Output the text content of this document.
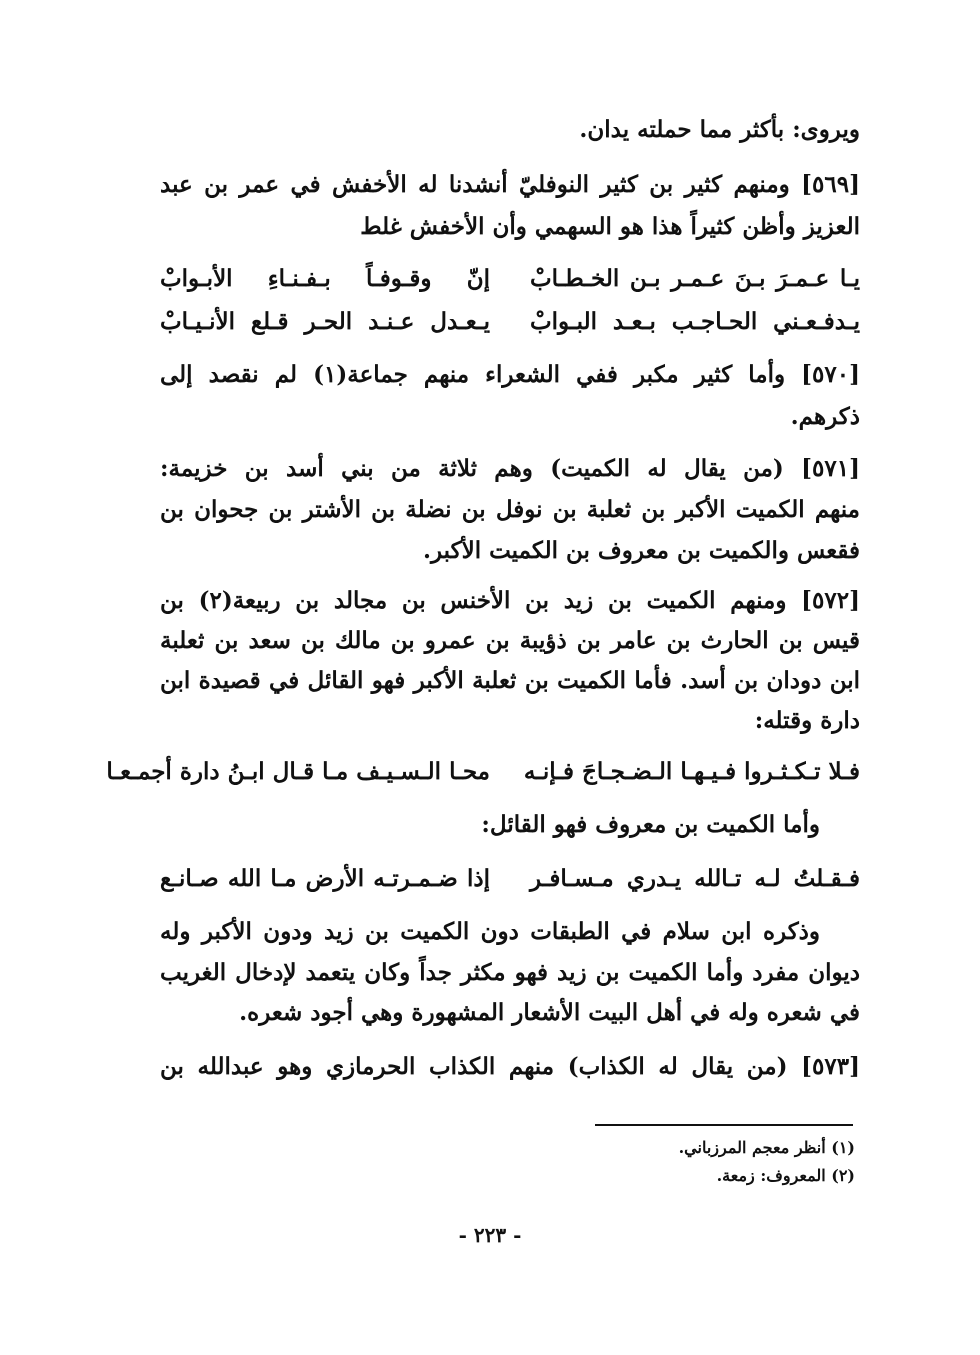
ويروى: بأكثر مما حملته يدان.
[٥٦٩] ومنهم كثير بن كثير النوفليّ أنشدنا له الأخفش في عمر بن عبد
العزيز وأظن كثيراً هذا هو السهمي وأن الأخفش غلط
يـا عـمـرَ بـنَ عـمـر بـن الخـطـابْ
إنّ وقـوفـاً بـفـنـاءِ الأبـوابْ
يـدفـعـني الحـاجـب بـعـد البـوابْ
يـعـدل عـنـد الحـر قـلع الأنـيـابْ
[٥٧٠] وأما كثير مكبر ففي الشعراء منهم جماعة(١) لم نقصد إلى
ذكرهم.
[٥٧١] (من يقال له الكميت) وهم ثلاثة من بني أسد بن خزيمة:
منهم الكميت الأكبر بن ثعلبة بن نوفل بن نضلة بن الأشتر بن جحوان بن
فقعس والكميت بن معروف بن الكميت الأكبر.
[٥٧٢] ومنهم الكميت بن زيد بن الأخنس بن مجالد بن ربيعة(٢) بن
قيس بن الحارث بن عامر بن ذؤيبة بن عمرو بن مالك بن سعد بن ثعلبة
ابن دودان بن أسد. فأما الكميت بن ثعلبة الأكبر فهو القائل في قصيدة ابن
دارة وقتله:
فـلا تـكـثـروا فـيـهـا الـضـجـاجَ فـإنـه
محـا الـسـيـف مـا قـال ابـنُ دارة أجمـعـا
وأما الكميت بن معروف فهو القائل:
فـقـلتُ لـه تـالله يـدري مـسـافـر
إذا ضـمـرتـه الأرض مـا الله صـانـع
وذكره ابن سلام في الطبقات دون الكميت بن زيد ودون الأكبر وله
ديوان مفرد وأما الكميت بن زيد فهو مكثر جداً وكان يتعمد لإدخال الغريب
في شعره وله في أهل البيت الأشعار المشهورة وهي أجود شعره.
[٥٧٣] (من يقال له الكذاب) منهم الكذاب الحرمازي وهو عبدالله بن
(١) أنظر معجم المرزباني.
(٢) المعروف: زمعة.
- ٢٢٣ -
